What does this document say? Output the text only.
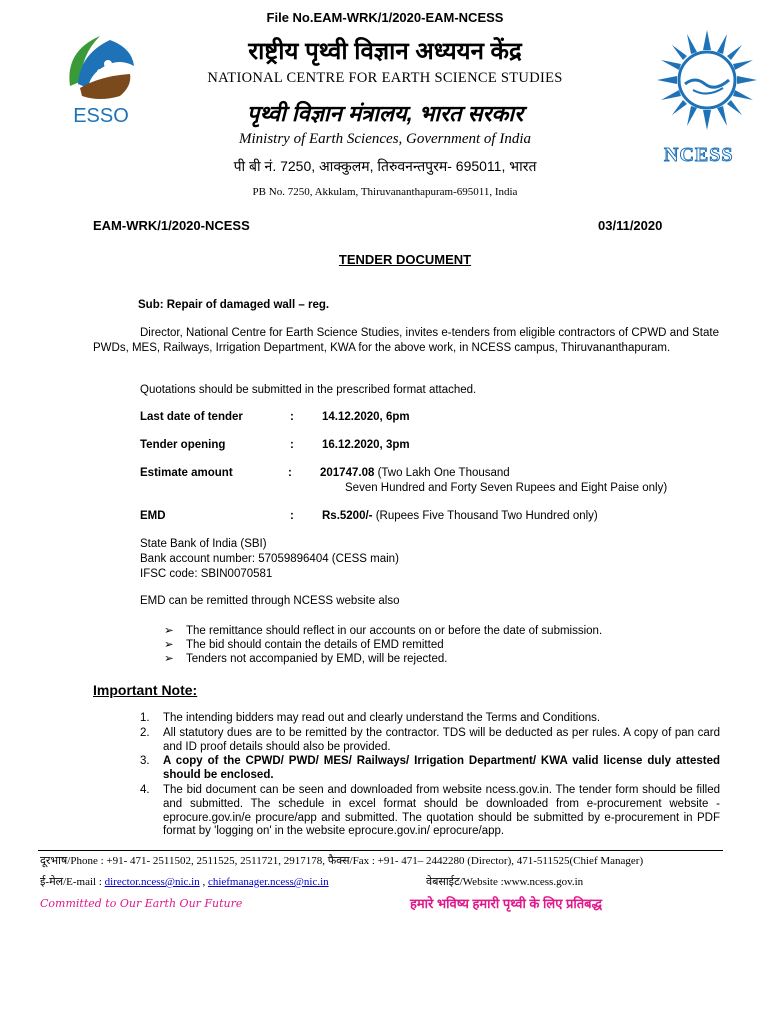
File No.EAM-WRK/1/2020-EAM-NCESS
ESSO
राष्ट्रीय पृथ्वी विज्ञान अध्ययन केंद्र
NATIONAL CENTRE FOR EARTH SCIENCE STUDIES
पृथ्वी विज्ञान मंत्रालय, भारत सरकार
Ministry of Earth Sciences, Government of India
पी बी नं. 7250, आक्कुलम, तिरुवनन्तपुरम- 695011, भारत
PB No. 7250, Akkulam, Thiruvananthapuram-695011, India
NCESS
EAM-WRK/1/2020-NCESS	03/11/2020
TENDER DOCUMENT
Sub: Repair of damaged wall – reg.
Director, National Centre for Earth Science Studies, invites e-tenders from eligible contractors of CPWD and State PWDs, MES, Railways, Irrigation Department, KWA for the above work, in NCESS campus, Thiruvananthapuram.
Quotations should be submitted in the prescribed format attached.
Last date of tender	: 14.12.2020, 6pm
Tender opening	: 16.12.2020, 3pm
Estimate amount	: 201747.08 (Two Lakh One Thousand
Seven Hundred and Forty Seven Rupees and Eight Paise only)
EMD	: Rs.5200/- (Rupees Five Thousand Two Hundred only)
State Bank of India (SBI)
Bank account number: 57059896404 (CESS main)
IFSC code: SBIN0070581
EMD can be remitted through NCESS website also
➢ The remittance should reflect in our accounts on or before the date of submission.
➢ The bid should contain the details of EMD remitted
➢ Tenders not accompanied by EMD, will be rejected.
Important Note:
1. The intending bidders may read out and clearly understand the Terms and Conditions.
2. All statutory dues are to be remitted by the contractor. TDS will be deducted as per rules. A copy of pan card and ID proof details should also be provided.
3. A copy of the CPWD/ PWD/ MES/ Railways/ Irrigation Department/ KWA valid license duly attested should be enclosed.
4. The bid document can be seen and downloaded from website ncess.gov.in. The tender form should be filled and submitted. The schedule in excel format should be downloaded from e-procurement website - eprocure.gov.in/e procure/app and submitted. The quotation should be submitted by e-procurement in PDF format by 'logging on' in the website eprocure.gov.in/ eprocure/app.
दूरभाष/Phone : +91- 471- 2511502, 2511525, 2511721, 2917178, फैक्स/Fax : +91- 471– 2442280 (Director), 471-511525(Chief Manager)
ई-मेल/E-mail : director.ncess@nic.in , chiefmanager.ncess@nic.in	वेबसाईट/Website :www.ncess.gov.in
Committed to Our Earth Our Future	हमारे भविष्य हमारी पृथ्वी के लिए प्रतिबद्ध
